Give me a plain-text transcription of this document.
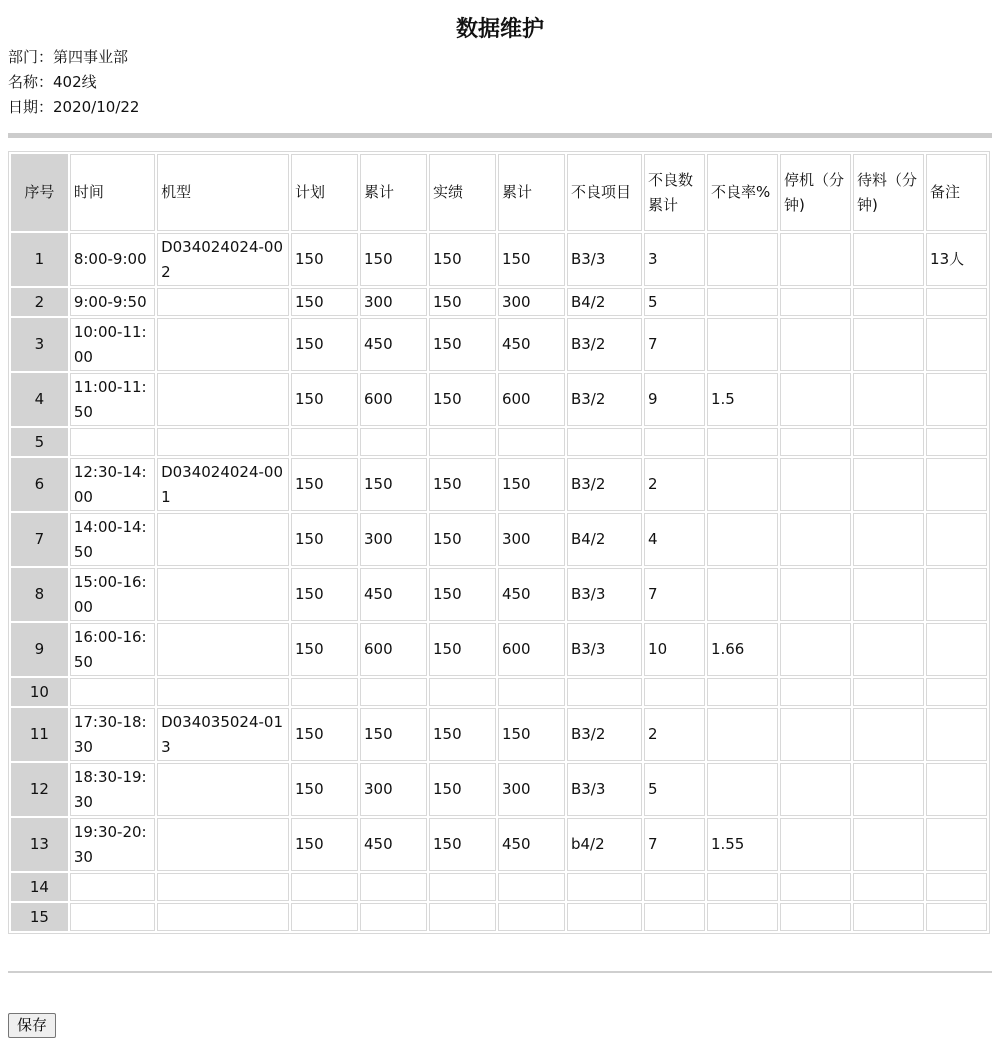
数据维护
部门：第四事业部
名称：402线
日期：2020/10/22
序号	时间	机型	计划	累计	实绩	累计	不良项目	不良数累计	不良率%	停机（分钟)	待料（分钟)	备注
1	8:00-9:00	D034024024-002	150	150	150	150	B3/3	3				13人
2	9:00-9:50		150	300	150	300	B4/2	5				
3	10:00-11:00		150	450	150	450	B3/2	7				
4	11:00-11:50		150	600	150	600	B3/2	9	1.5			
5												
6	12:30-14:00	D034024024-001	150	150	150	150	B3/2	2				
7	14:00-14:50		150	300	150	300	B4/2	4				
8	15:00-16:00		150	450	150	450	B3/3	7				
9	16:00-16:50		150	600	150	600	B3/3	10	1.66			
10												
11	17:30-18:30	D034035024-013	150	150	150	150	B3/2	2				
12	18:30-19:30		150	300	150	300	B3/3	5				
13	19:30-20:30		150	450	150	450	b4/2	7	1.55			
14												
15												
保存
